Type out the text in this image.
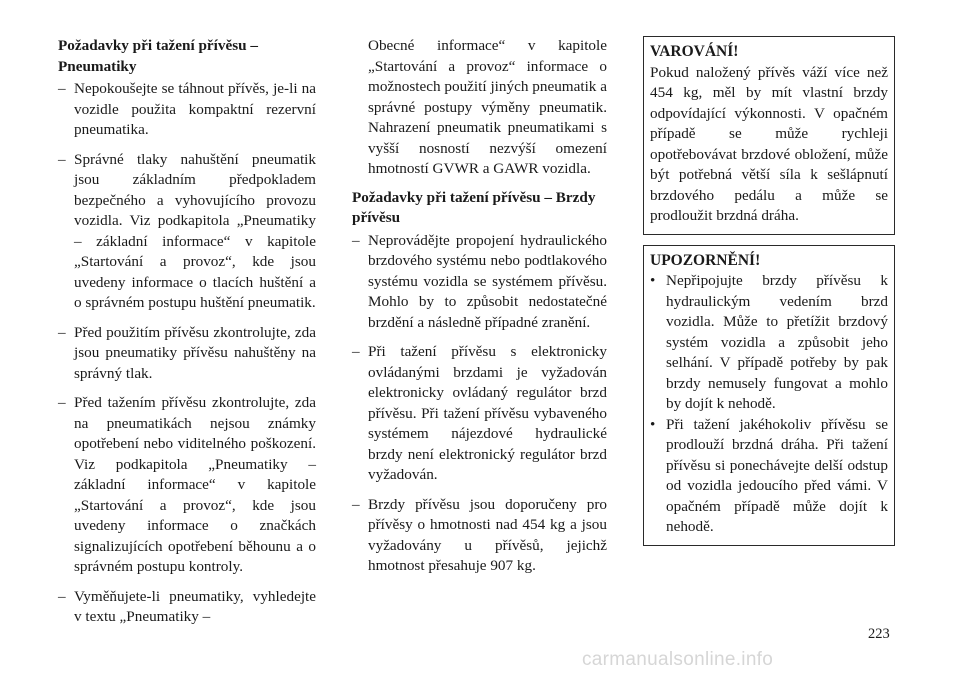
Požadavky při tažení přívěsu – Pneumatiky
– Nepokoušejte se táhnout přívěs, je-li na vozidle použita kompaktní rezervní pneumatika.
– Správné tlaky nahuštění pneumatik jsou základním předpokladem bezpečného a vyhovujícího provozu vozidla. Viz podkapitola „Pneumatiky – základní informace“ v kapitole „Startování a provoz“, kde jsou uvedeny informace o tlacích huštění a o správném postupu huštění pneumatik.
– Před použitím přívěsu zkontrolujte, zda jsou pneumatiky přívěsu nahuštěny na správný tlak.
– Před tažením přívěsu zkontrolujte, zda na pneumatikách nejsou známky opotřebení nebo viditelného poškození. Viz podkapitola „Pneumatiky – základní informace“ v kapitole „Startování a provoz“, kde jsou uvedeny informace o značkách signalizujících opotřebení běhounu a o správném postupu kontroly.
– Vyměňujete-li pneumatiky, vyhledejte v textu „Pneumatiky –

Obecné informace“ v kapitole „Startování a provoz“ informace o možnostech použití jiných pneumatik a správné postupy výměny pneumatik. Nahrazení pneumatik pneumatikami s vyšší nosností nezvýší omezení hmotností GVWR a GAWR vozidla.

Požadavky při tažení přívěsu – Brzdy přívěsu
– Neprovádějte propojení hydraulického brzdového systému nebo podtlakového systému vozidla se systémem přívěsu. Mohlo by to způsobit nedostatečné brzdění a následně případné zranění.
– Při tažení přívěsu s elektronicky ovládanými brzdami je vyžadován elektronicky ovládaný regulátor brzd přívěsu. Při tažení přívěsu vybaveného systémem nájezdové hydraulické brzdy není elektronický regulátor brzd vyžadován.
– Brzdy přívěsu jsou doporučeny pro přívěsy o hmotnosti nad 454 kg a jsou vyžadovány u přívěsů, jejichž hmotnost přesahuje 907 kg.
VAROVÁNÍ!

Pokud naložený přívěs váží více než 454 kg, měl by mít vlastní brzdy odpovídající výkonnosti. V opačném případě se může rychleji opotřebovávat brzdové obložení, může být potřebná větší síla k sešlápnutí brzdového pedálu a může se prodloužit brzdná dráha.

UPOZORNĚNÍ!
• Nepřipojujte brzdy přívěsu k hydraulickým vedením brzd vozidla. Může to přetížit brzdový systém vozidla a způsobit jeho selhání. V případě potřeby by pak brzdy nemusely fungovat a mohlo by dojít k nehodě.
• Při tažení jakéhokoliv přívěsu se prodlouží brzdná dráha. Při tažení přívěsu si ponechávejte delší odstup od vozidla jedoucího před vámi. V opačném případě může dojít k nehodě.
223
carmanualsonline.info
